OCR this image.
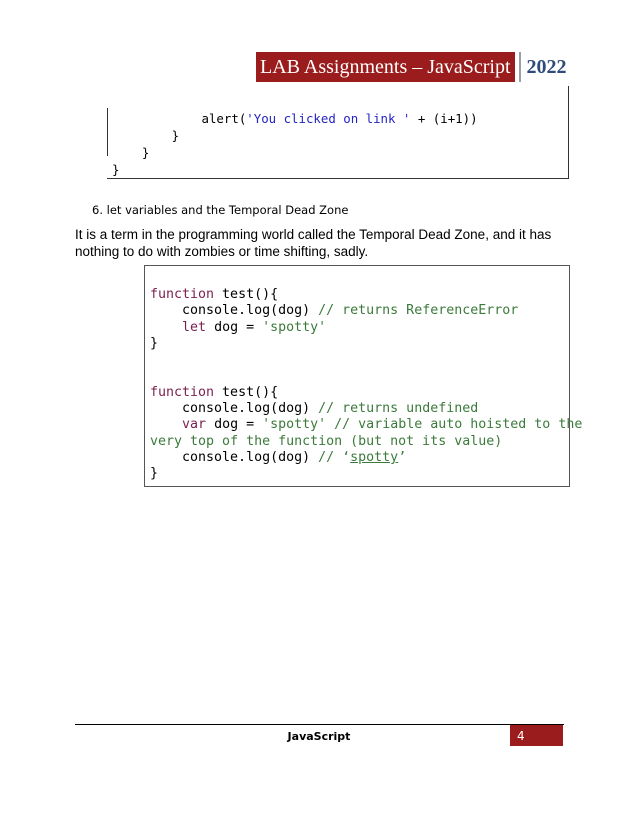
LAB Assignments – JavaScript 2022
alert('You clicked on link ' + (i+1))
}
}
}
6. let variables and the Temporal Dead Zone
It is a term in the programming world called the Temporal Dead Zone, and it has nothing to do with zombies or time shifting, sadly.
function test(){
console.log(dog) // returns ReferenceError
let dog = 'spotty'
}

function test(){
console.log(dog) // returns undefined
var dog = 'spotty' // variable auto hoisted to the
very top of the function (but not its value)
console.log(dog) // ‘spotty’
}
JavaScript	4
